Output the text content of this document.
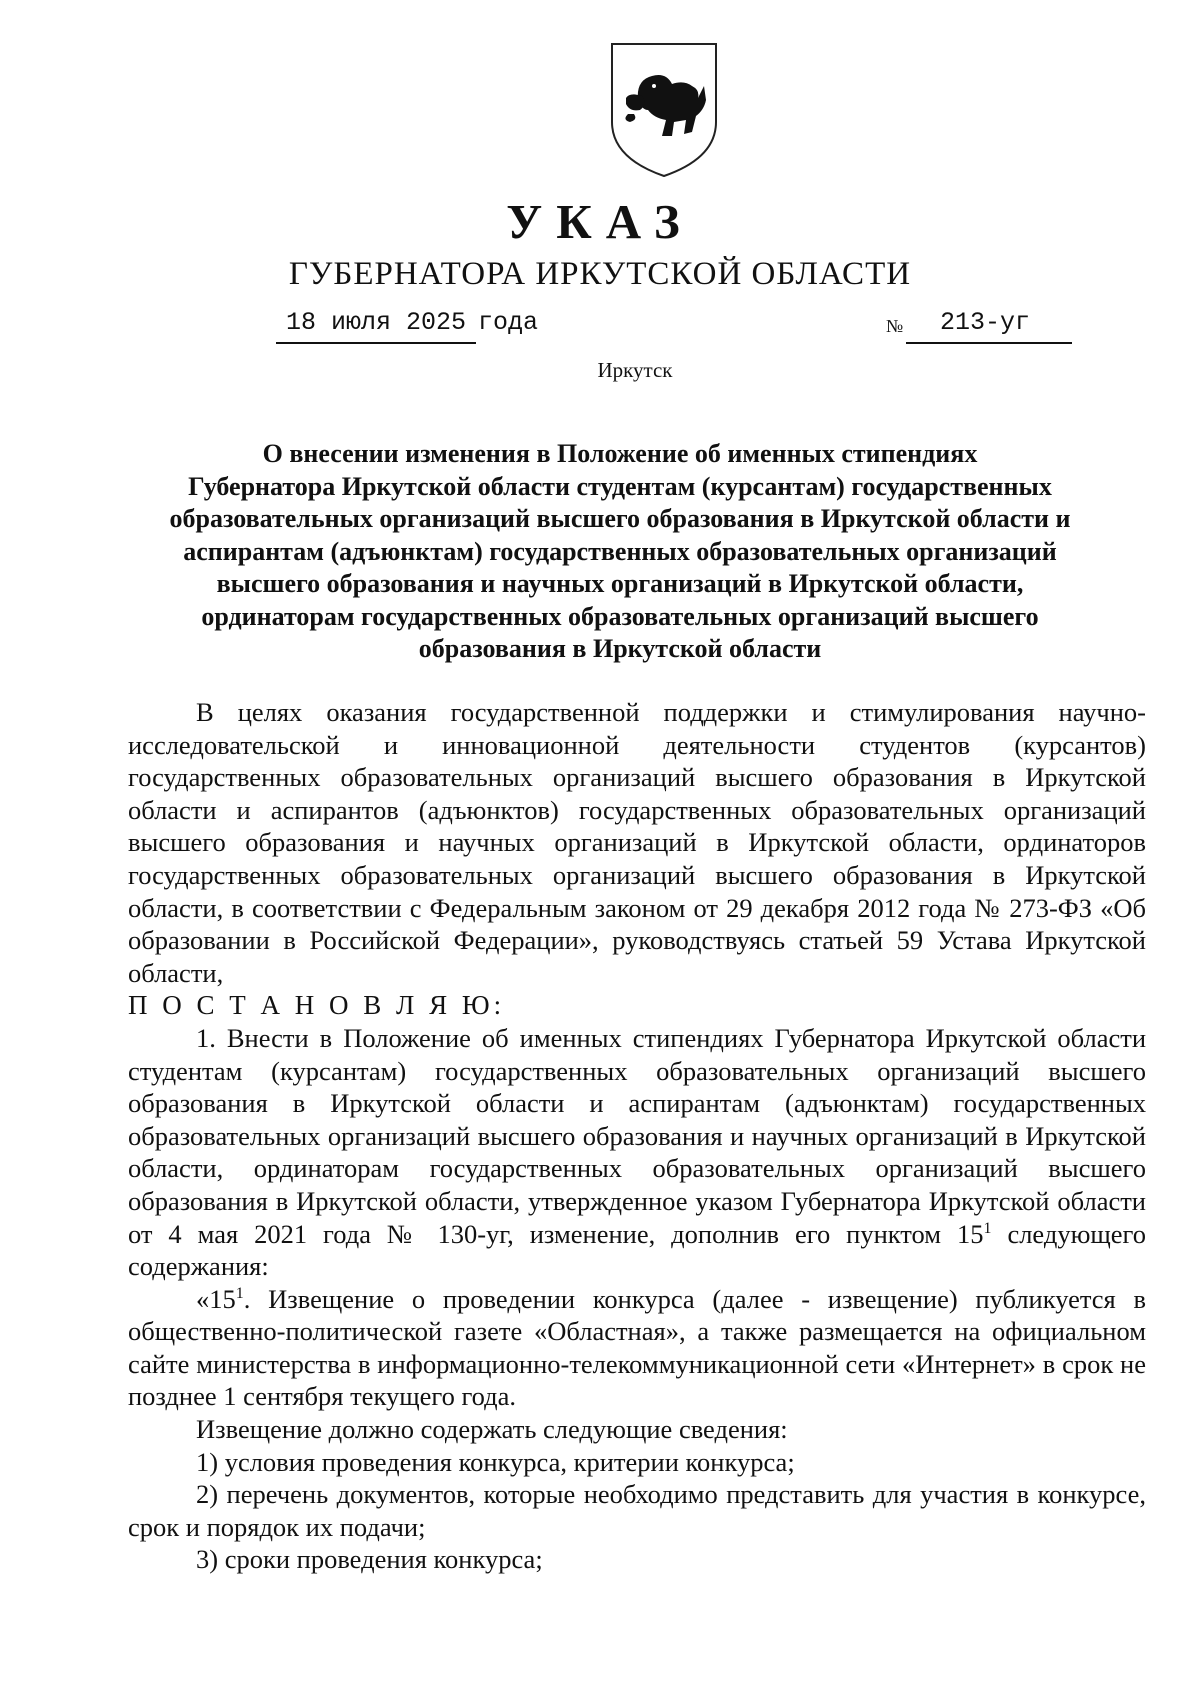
УКАЗ
ГУБЕРНАТОРА ИРКУТСКОЙ ОБЛАСТИ
18 июля 2025 года	№ 213-уг
Иркутск
О внесении изменения в Положение об именных стипендиях
Губернатора Иркутской области студентам (курсантам) государственных
образовательных организаций высшего образования в Иркутской области и
аспирантам (адъюнктам) государственных образовательных организаций
высшего образования и научных организаций в Иркутской области,
ординаторам государственных образовательных организаций высшего
образования в Иркутской области

В целях оказания государственной поддержки и стимулирования научно-исследовательской и инновационной деятельности студентов (курсантов) государственных образовательных организаций высшего образования в Иркутской области и аспирантов (адъюнктов) государственных образовательных организаций высшего образования и научных организаций в Иркутской области, ординаторов государственных образовательных организаций высшего образования в Иркутской области, в соответствии с Федеральным законом от 29 декабря 2012 года № 273-ФЗ «Об образовании в Российской Федерации», руководствуясь статьей 59 Устава Иркутской области,

П О С Т А Н О В Л Я Ю:

1. Внести в Положение об именных стипендиях Губернатора Иркутской области студентам (курсантам) государственных образовательных организаций высшего образования в Иркутской области и аспирантам (адъюнктам) государственных образовательных организаций высшего образования и научных организаций в Иркутской области, ординаторам государственных образовательных организаций высшего образования в Иркутской области, утвержденное указом Губернатора Иркутской области от 4 мая 2021 года № 130-уг, изменение, дополнив его пунктом $15^1$ следующего содержания:

«$15^1$. Извещение о проведении конкурса (далее - извещение) публикуется в общественно-политической газете «Областная», а также размещается на официальном сайте министерства в информационно-телекоммуникационной сети «Интернет» в срок не позднее 1 сентября текущего года.

Извещение должно содержать следующие сведения:

1) условия проведения конкурса, критерии конкурса;

2) перечень документов, которые необходимо представить для участия в конкурсе, срок и порядок их подачи;

3) сроки проведения конкурса;
